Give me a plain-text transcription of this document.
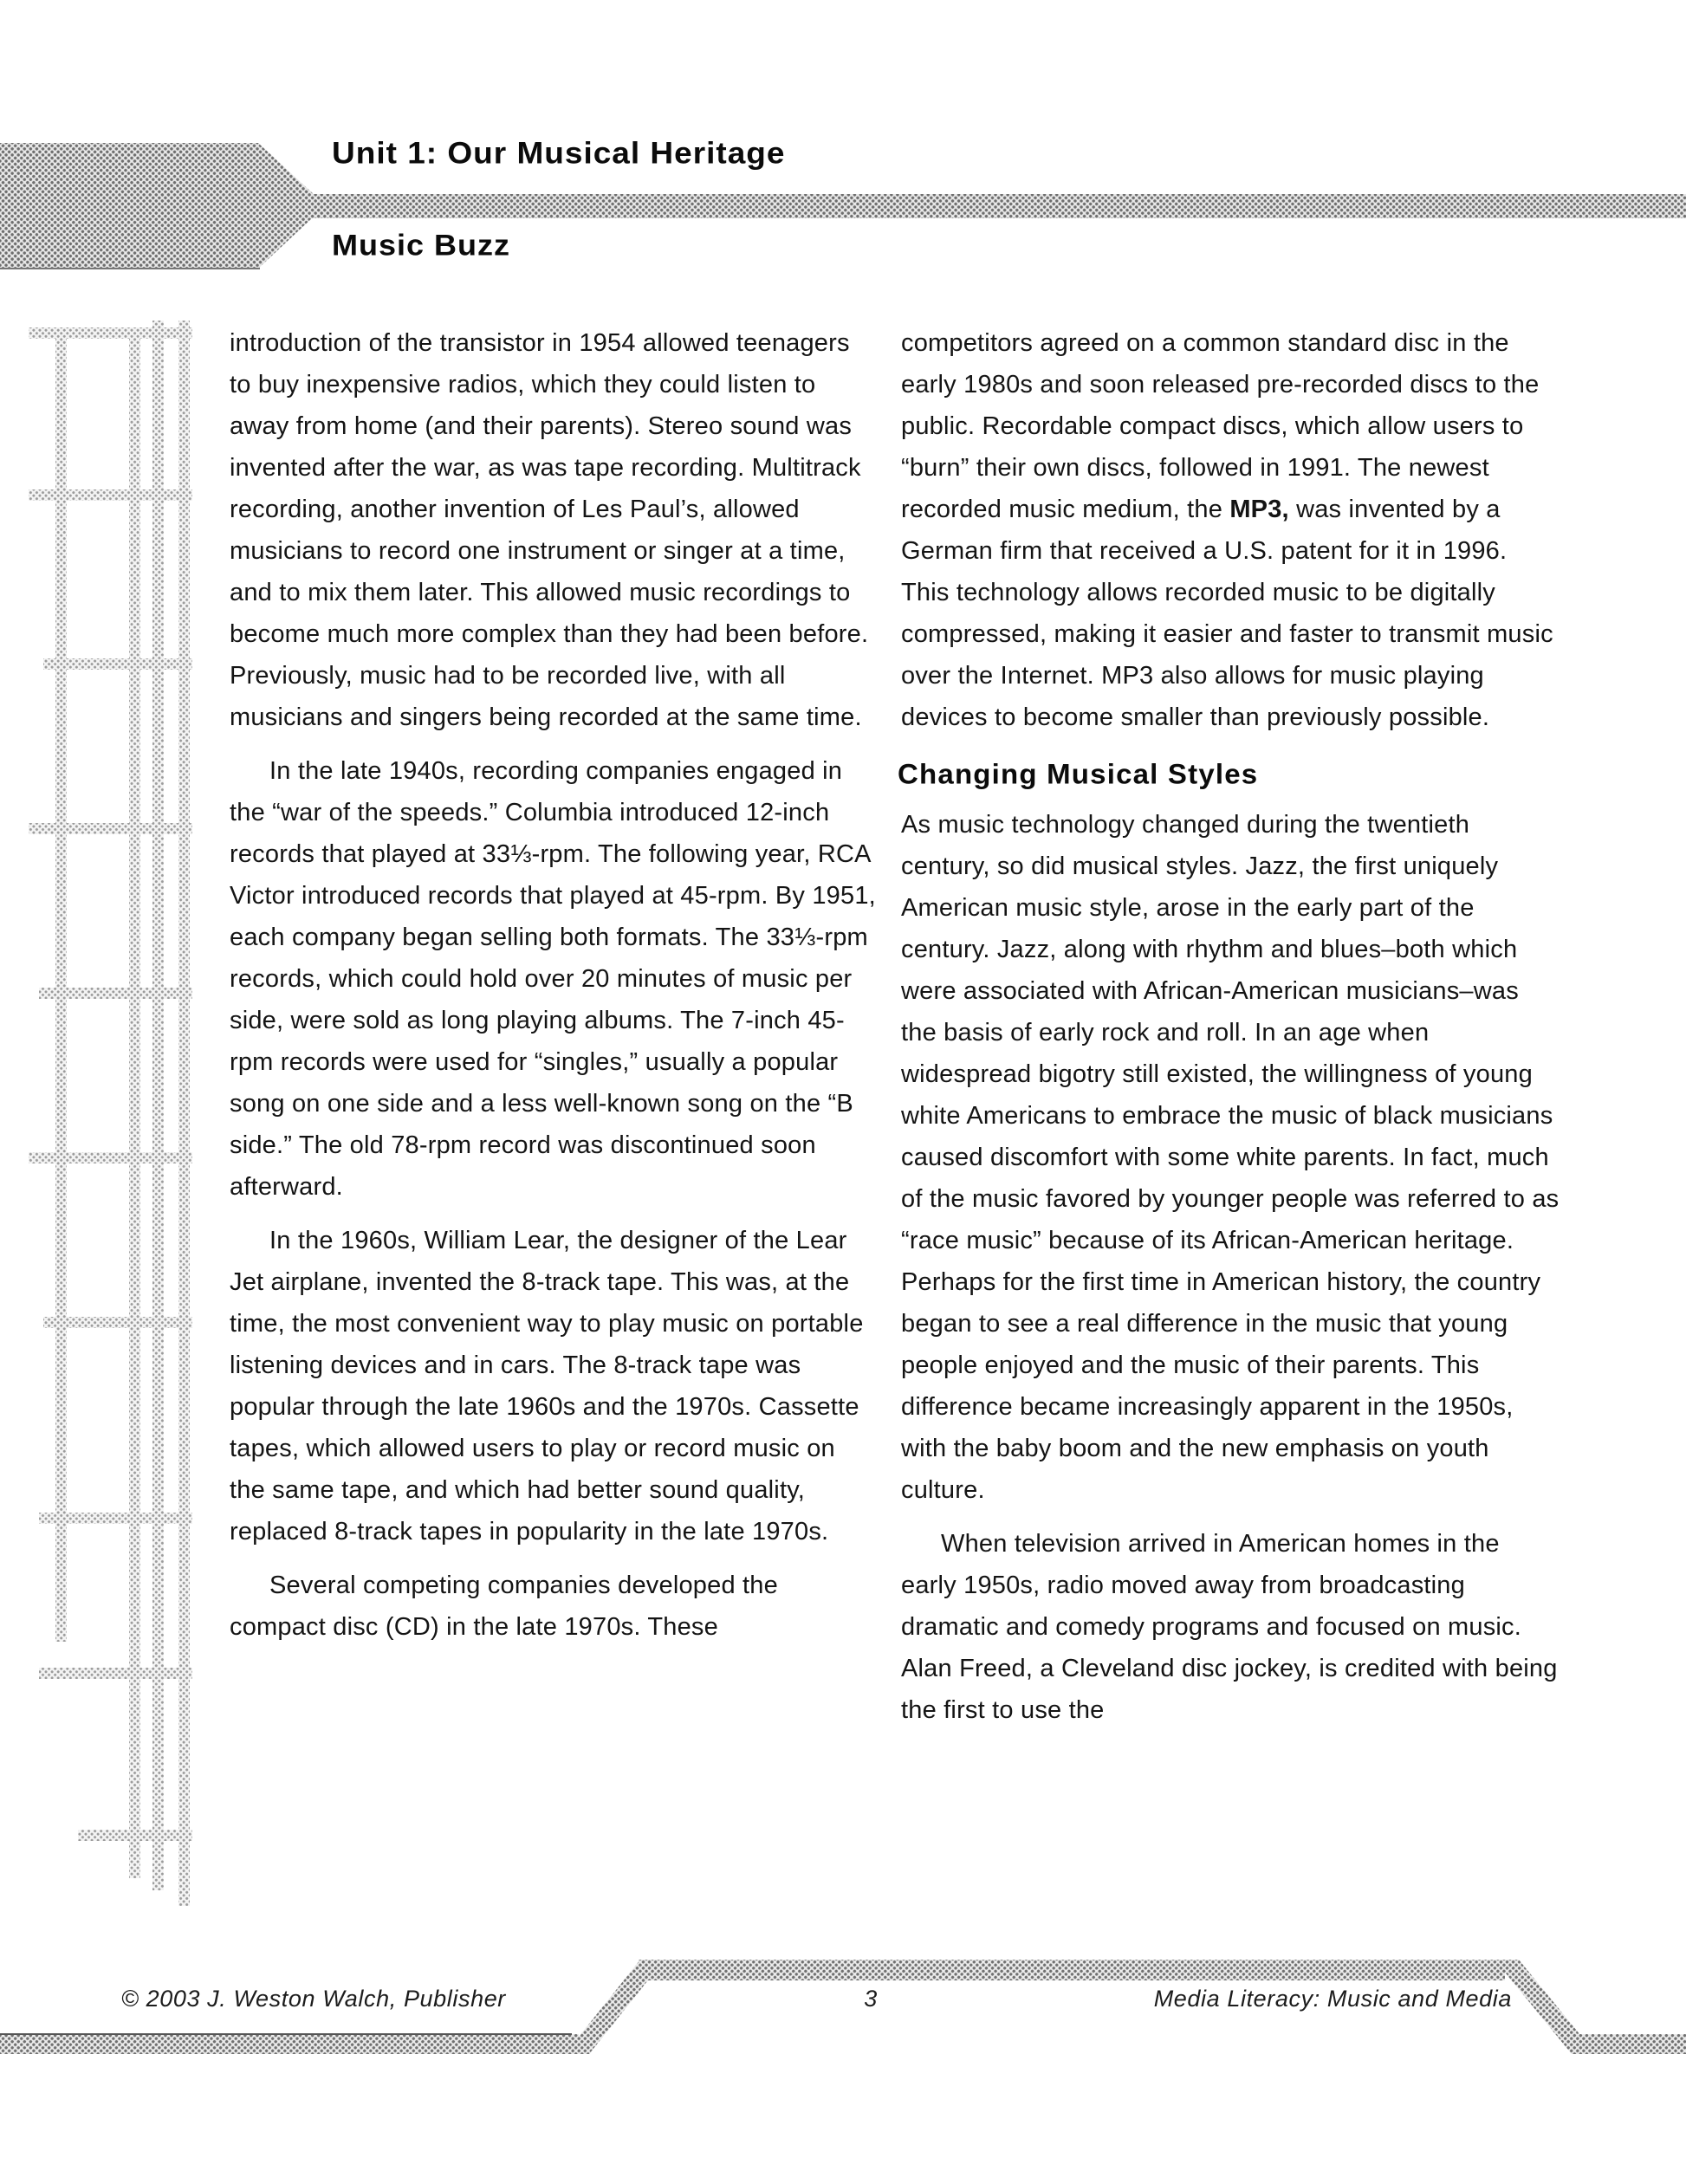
Unit 1: Our Musical Heritage
Music Buzz

introduction of the transistor in 1954 allowed teenagers to buy inexpensive radios, which they could listen to away from home (and their parents). Stereo sound was invented after the war, as was tape recording. Multitrack recording, another invention of Les Paul’s, allowed musicians to record one instrument or singer at a time, and to mix them later. This allowed music recordings to become much more complex than they had been before. Previously, music had to be recorded live, with all musicians and singers being recorded at the same time.

In the late 1940s, recording companies engaged in the “war of the speeds.” Columbia introduced 12-inch records that played at 33⅓-rpm. The following year, RCA Victor introduced records that played at 45-rpm. By 1951, each company began selling both formats. The 33⅓-rpm records, which could hold over 20 minutes of music per side, were sold as long playing albums. The 7-inch 45-rpm records were used for “singles,” usually a popular song on one side and a less well-known song on the “B side.” The old 78-rpm record was discontinued soon afterward.

In the 1960s, William Lear, the designer of the Lear Jet airplane, invented the 8-track tape. This was, at the time, the most convenient way to play music on portable listening devices and in cars. The 8-track tape was popular through the late 1960s and the 1970s. Cassette tapes, which allowed users to play or record music on the same tape, and which had better sound quality, replaced 8-track tapes in popularity in the late 1970s.

Several competing companies developed the compact disc (CD) in the late 1970s. These

competitors agreed on a common standard disc in the early 1980s and soon released pre-recorded discs to the public. Recordable compact discs, which allow users to “burn” their own discs, followed in 1991. The newest recorded music medium, the MP3, was invented by a German firm that received a U.S. patent for it in 1996. This technology allows recorded music to be digitally compressed, making it easier and faster to transmit music over the Internet. MP3 also allows for music playing devices to become smaller than previously possible.

Changing Musical Styles

As music technology changed during the twentieth century, so did musical styles. Jazz, the first uniquely American music style, arose in the early part of the century. Jazz, along with rhythm and blues–both which were associated with African-American musicians–was the basis of early rock and roll. In an age when widespread bigotry still existed, the willingness of young white Americans to embrace the music of black musicians caused discomfort with some white parents. In fact, much of the music favored by younger people was referred to as “race music” because of its African-American heritage. Perhaps for the first time in American history, the country began to see a real difference in the music that young people enjoyed and the music of their parents. This difference became increasingly apparent in the 1950s, with the baby boom and the new emphasis on youth culture.

When television arrived in American homes in the early 1950s, radio moved away from broadcasting dramatic and comedy programs and focused on music. Alan Freed, a Cleveland disc jockey, is credited with being the first to use the

© 2003 J. Weston Walch, Publisher	3	Media Literacy: Music and Media
